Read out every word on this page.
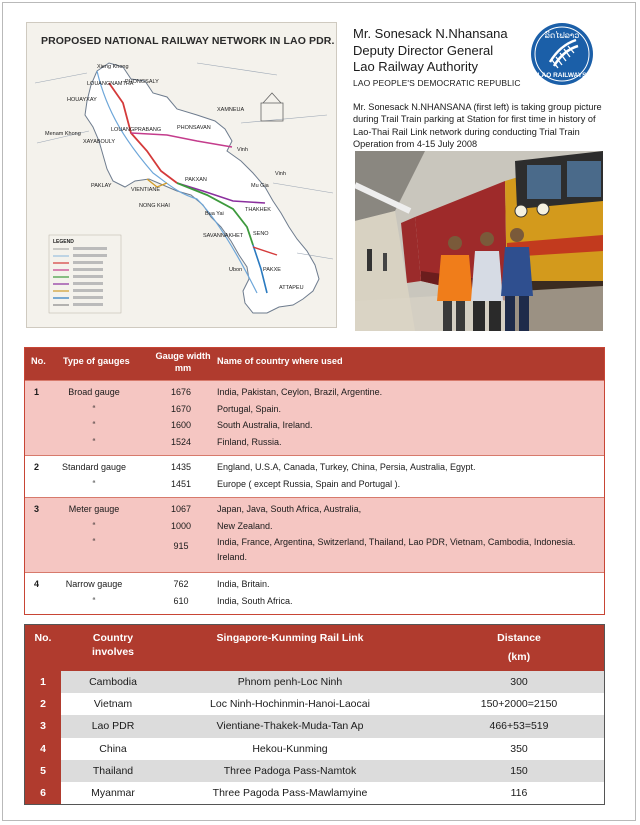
LEGEND
Xieng Khong
LOUANGNAMTHA
HOUAYXAY
PHONGSALY
XAMNEUA
LOUANGPRABANG
XAYABOULY
Menam Khong
PHONSAVAN
Vinh
PAKLAY
VIENTIANE
NONG KHAI
PAKXAN
THAKHEK
Mu Gia
Bua Yai
SAVANNAKHET SENO
Ubon	PAKXE
ATTAPEU
Vinh
PROPOSED NATIONAL RAILWAY NETWORK IN LAO PDR. Mr. Sonesack N.Nhansana
Deputy Director General
Lao Railway Authority
LAO PEOPLE'S DEMOCRATIC REPUBLIC
ລົດໄຟລາວ
LAO RAILWAYS
Mr. Sonesack N.NHANSANA (first left) is taking group picture during Trail Train parking at Station for first time in history of Lao-Thai Rail Link network during conducting Trial Train Operation from 4-15 July 2008
No. Type of gauges	Gauge width
mm
Name of country where used
1	Broad gauge	1676	India, Pakistan, Ceylon, Brazil, Argentine.
“	1670	Portugal, Spain.
“	1600	South Australia, Ireland.
“	1524	Finland, Russia.
2	Standard gauge	1435	England, U.S.A, Canada, Turkey, China, Persia, Australia, Egypt.
“	1451	Europe ( except Russia, Spain and Portugal ).
3	Meter gauge	1067	Japan, Java, South Africa, Australia,
“	1000	New Zealand.
“	915	India, France, Argentina, Switzerland, Thailand, Lao PDR, Vietnam, Cambodia, Indonesia.
Ireland.
4	Narrow gauge	762	India, Britain.
“	610	India, South Africa.
No.	Country
involves
Singapore-Kunming Rail Link	Distance
(km)
1	Cambodia	Phnom penh-Loc Ninh	300
2	Vietnam	Loc Ninh-Hochinmin-Hanoi-Laocai	150+2000=2150
3	Lao PDR	Vientiane-Thakek-Muda-Tan Ap	466+53=519
4	China	Hekou-Kunming	350
5	Thailand	Three Padoga Pass-Namtok	150
6	Myanmar	Three Pagoda Pass-Mawlamyine	116
